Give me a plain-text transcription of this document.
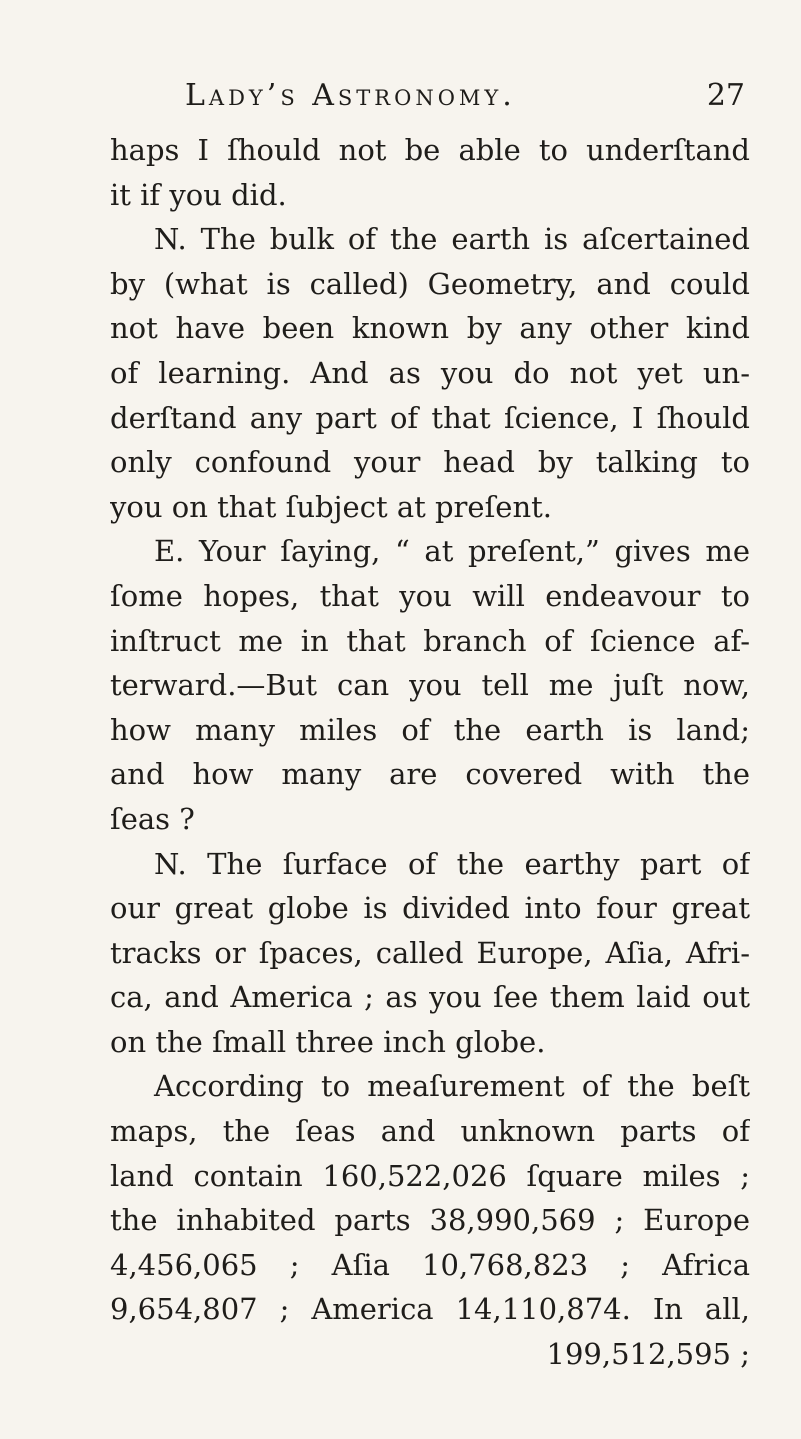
Lady’s Astronomy.	27
haps I ſhould not be able to underſtand
it if you did.
N. The bulk of the earth is aſcertained
by (what is called) Geometry, and could
not have been known by any other kind
of learning. And as you do not yet un-
derſtand any part of that ſcience, I ſhould
only confound your head by talking to
you on that ſubject at preſent.
E. Your ſaying, “ at preſent,” gives me
ſome hopes, that you will endeavour to
inſtruct me in that branch of ſcience af-
terward.—But can you tell me juſt now,
how many miles of the earth is land;
and how many are covered with the
ſeas ?
N. The ſurface of the earthy part of
our great globe is divided into four great
tracks or ſpaces, called Europe, Aſia, Afri-
ca, and America ; as you ſee them laid out
on the ſmall three inch globe.
According to meaſurement of the beſt
maps, the ſeas and unknown parts of
land contain 160,522,026 ſquare miles ;
the inhabited parts 38,990,569 ; Europe
4,456,065 ; Aſia 10,768,823 ; Africa
9,654,807 ; America 14,110,874. In all,
199,512,595 ;
